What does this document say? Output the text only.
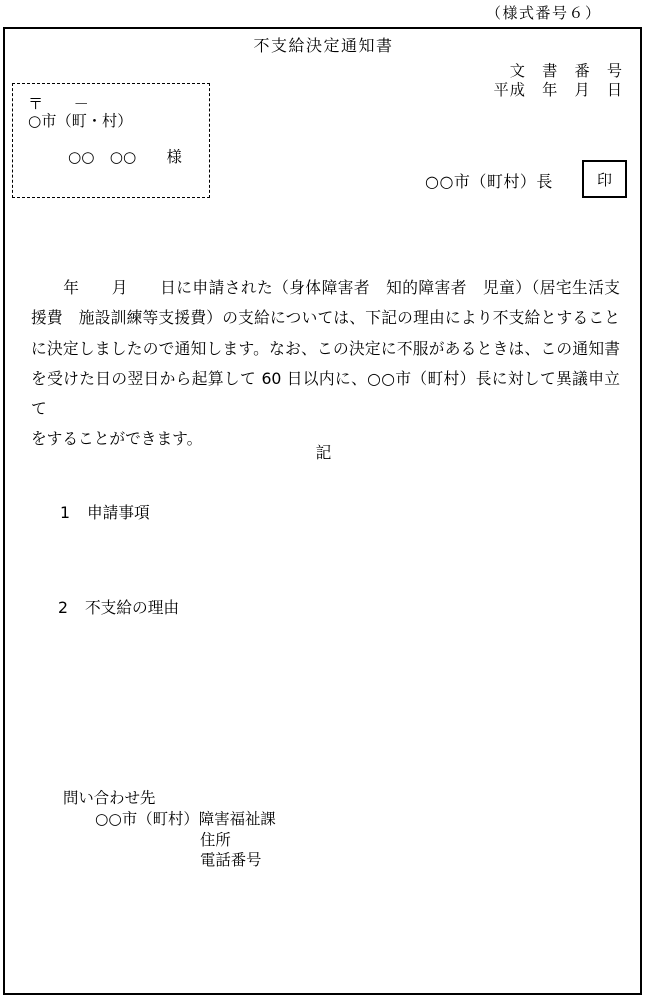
（様式番号６）
不支給決定通知書
文　書　番　号
平成　年　月　日
〒　　－
○市（町・村）
○○　○○　　様
○○市（町村）長	印
　　年　　月　　日に申請された（身体障害者　知的障害者　児童）（居宅生活支
援費　施設訓練等支援費）の支給については、下記の理由により不支給とすること
に決定しましたので通知します。なお、この決定に不服があるときは、この通知書
を受けた日の翌日から起算して 60 日以内に、○○市（町村）長に対して異議申立て
をすることができます。
記
1 申請事項
2 不支給の理由
問い合わせ先
○○市（町村）障害福祉課
住所
電話番号
